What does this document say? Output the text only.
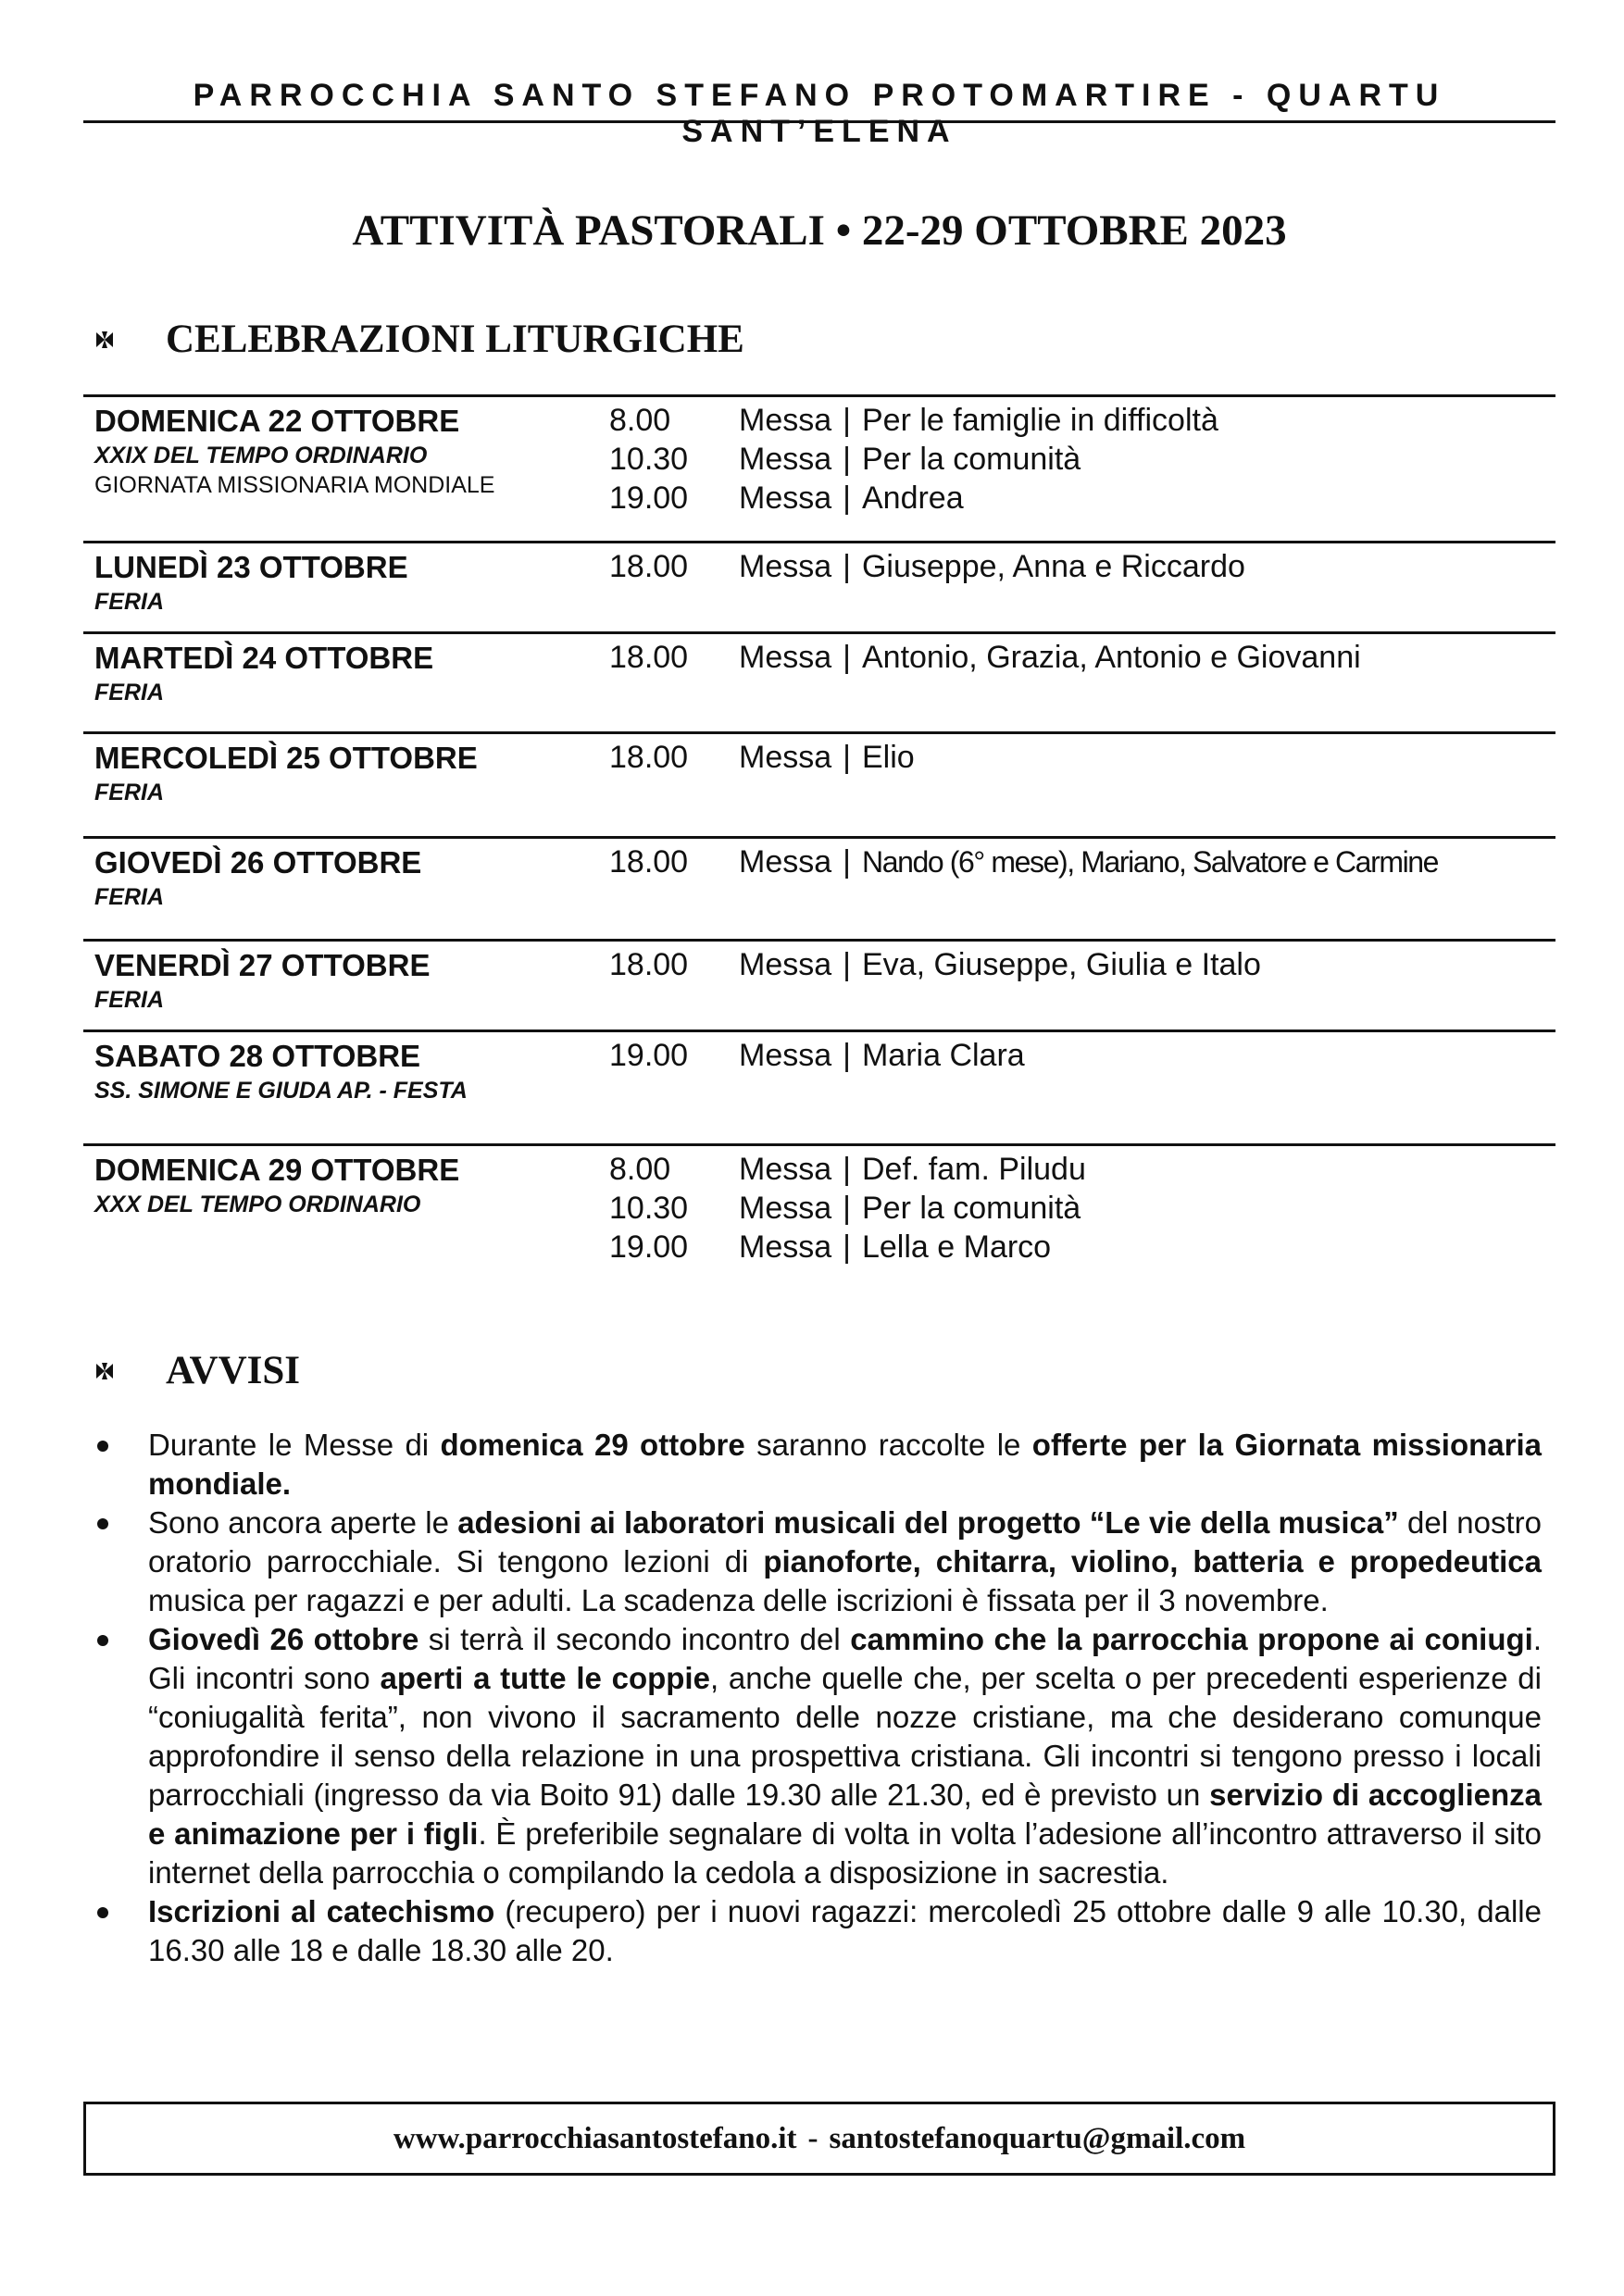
PARROCCHIA SANTO STEFANO PROTOMARTIRE - QUARTU SANT’ELENA
ATTIVITÀ PASTORALI • 22-29 OTTOBRE 2023
CELEBRAZIONI LITURGICHE
DOMENICA 22 OTTOBRE
XXIX DEL TEMPO ORDINARIO
GIORNATA MISSIONARIA MONDIALE
8.00	Messa | Per le famiglie in difficoltà
10.30	Messa | Per la comunità
19.00	Messa | Andrea
LUNEDÌ 23 OTTOBRE
FERIA
18.00	Messa | Giuseppe, Anna e Riccardo
MARTEDÌ 24 OTTOBRE
FERIA
18.00	Messa | Antonio, Grazia, Antonio e Giovanni
MERCOLEDÌ 25 OTTOBRE
FERIA
18.00	Messa | Elio
GIOVEDÌ 26 OTTOBRE
FERIA
18.00	Messa | Nando (6° mese), Mariano, Salvatore e Carmine
VENERDÌ 27 OTTOBRE
FERIA
18.00	Messa | Eva, Giuseppe, Giulia e Italo
SABATO 28 OTTOBRE
SS. SIMONE E GIUDA AP. - FESTA
19.00	Messa | Maria Clara
DOMENICA 29 OTTOBRE
XXX DEL TEMPO ORDINARIO
8.00	Messa | Def. fam. Piludu
10.30	Messa | Per la comunità
19.00	Messa | Lella e Marco
AVVISI
Durante le Messe di domenica 29 ottobre saranno raccolte le offerte per la Giornata missionaria mondiale.
Sono ancora aperte le adesioni ai laboratori musicali del progetto “Le vie della musica” del nostro oratorio parrocchiale. Si tengono lezioni di pianoforte, chitarra, violino, batteria e propedeutica musica per ragazzi e per adulti. La scadenza delle iscrizioni è fissata per il 3 novembre.
Giovedì 26 ottobre si terrà il secondo incontro del cammino che la parrocchia propone ai coniugi. Gli incontri sono aperti a tutte le coppie, anche quelle che, per scelta o per precedenti esperienze di “coniugalità ferita”, non vivono il sacramento delle nozze cristiane, ma che desiderano comunque approfondire il senso della relazione in una prospettiva cristiana. Gli incontri si tengono presso i locali parrocchiali (ingresso da via Boito 91) dalle 19.30 alle 21.30, ed è previsto un servizio di accoglienza e animazione per i figli. È preferibile segnalare di volta in volta l’adesione all’incontro attraverso il sito internet della parrocchia o compilando la cedola a disposizione in sacrestia.
Iscrizioni al catechismo (recupero) per i nuovi ragazzi: mercoledì 25 ottobre dalle 9 alle 10.30, dalle 16.30 alle 18 e dalle 18.30 alle 20.
www.parrocchiasantostefano.it - santostefanoquartu@gmail.com
